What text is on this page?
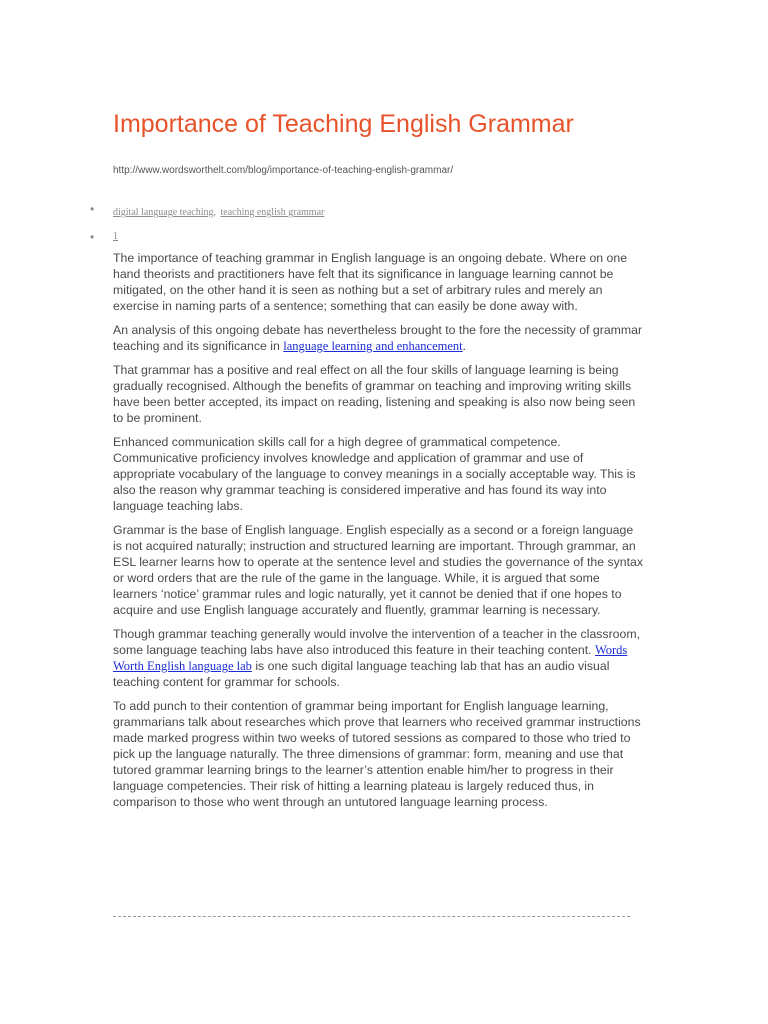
Importance of Teaching English Grammar
http://www.wordsworthelt.com/blog/importance-of-teaching-english-grammar/
•	digital language teaching, teaching english grammar
•	1

The importance of teaching grammar in English language is an ongoing debate. Where on one hand theorists and practitioners have felt that its significance in language learning cannot be mitigated, on the other hand it is seen as nothing but a set of arbitrary rules and merely an exercise in naming parts of a sentence; something that can easily be done away with.

An analysis of this ongoing debate has nevertheless brought to the fore the necessity of grammar teaching and its significance in language learning and enhancement.

That grammar has a positive and real effect on all the four skills of language learning is being gradually recognised. Although the benefits of grammar on teaching and improving writing skills have been better accepted, its impact on reading, listening and speaking is also now being seen to be prominent.

Enhanced communication skills call for a high degree of grammatical competence. Communicative proficiency involves knowledge and application of grammar and use of appropriate vocabulary of the language to convey meanings in a socially acceptable way. This is also the reason why grammar teaching is considered imperative and has found its way into language teaching labs.

Grammar is the base of English language. English especially as a second or a foreign language is not acquired naturally; instruction and structured learning are important. Through grammar, an ESL learner learns how to operate at the sentence level and studies the governance of the syntax or word orders that are the rule of the game in the language. While, it is argued that some learners ‘notice’ grammar rules and logic naturally, yet it cannot be denied that if one hopes to acquire and use English language accurately and fluently, grammar learning is necessary.

Though grammar teaching generally would involve the intervention of a teacher in the classroom, some language teaching labs have also introduced this feature in their teaching content. Words Worth English language lab is one such digital language teaching lab that has an audio visual teaching content for grammar for schools.

To add punch to their contention of grammar being important for English language learning, grammarians talk about researches which prove that learners who received grammar instructions made marked progress within two weeks of tutored sessions as compared to those who tried to pick up the language naturally. The three dimensions of grammar: form, meaning and use that tutored grammar learning brings to the learner’s attention enable him/her to progress in their language competencies. Their risk of hitting a learning plateau is largely reduced thus, in comparison to those who went through an untutored language learning process.
